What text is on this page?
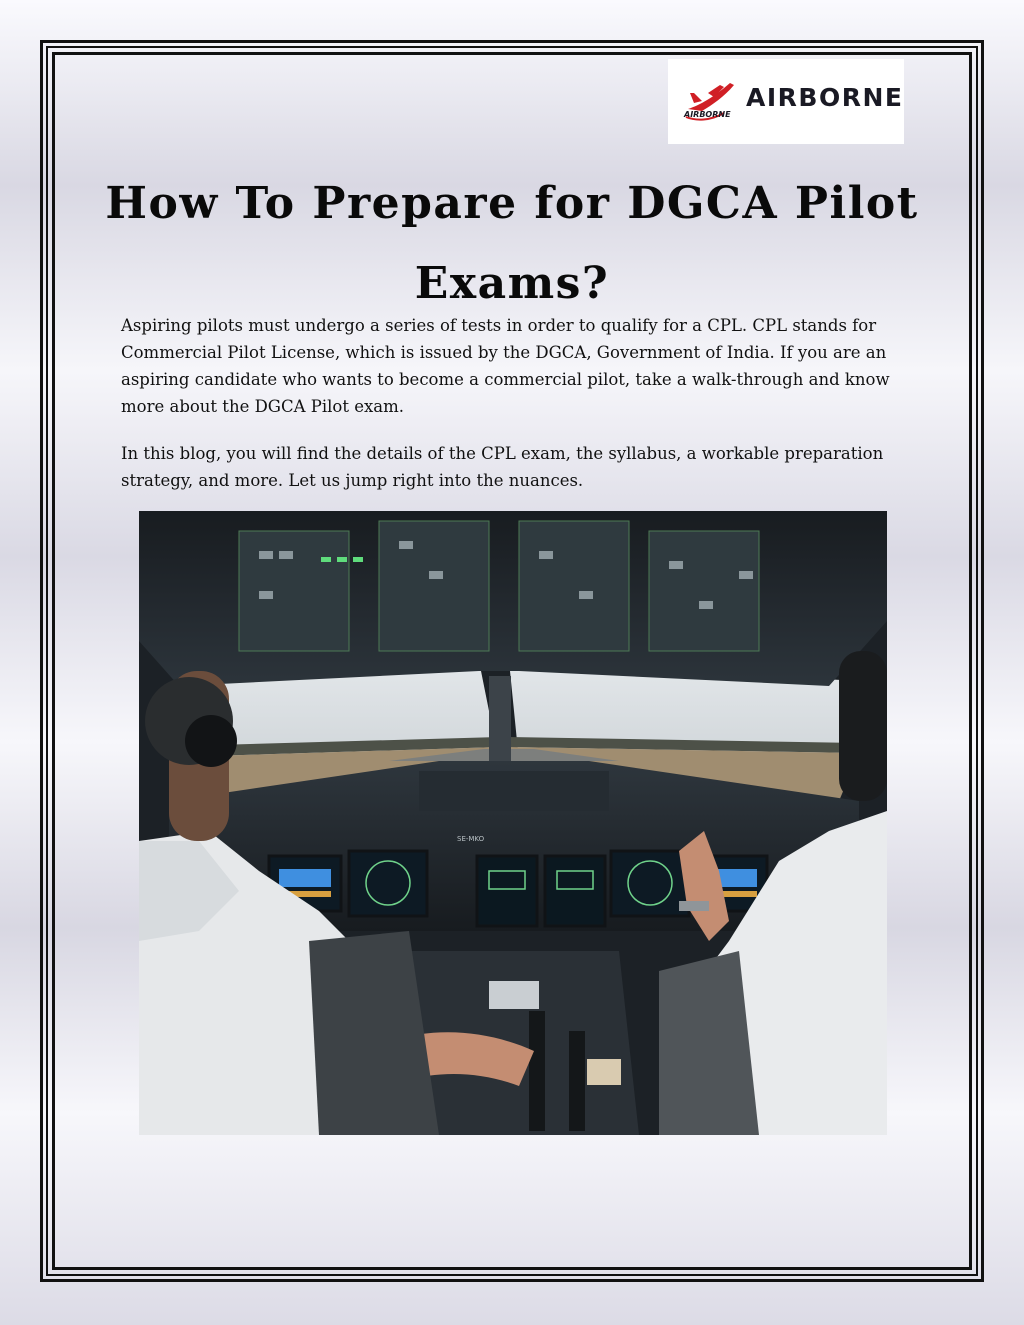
AIRBORNE
AIRBORNE
How To Prepare for DGCA Pilot Exams?

Aspiring pilots must undergo a series of tests in order to qualify for a CPL. CPL stands for Commercial Pilot License, which is issued by the DGCA, Government of India. If you are an aspiring candidate who wants to become a commercial pilot, take a walk-through and know more about the DGCA Pilot exam.

In this blog, you will find the details of the CPL exam, the syllabus, a workable preparation strategy, and more. Let us jump right into the nuances.

SE-MKO
